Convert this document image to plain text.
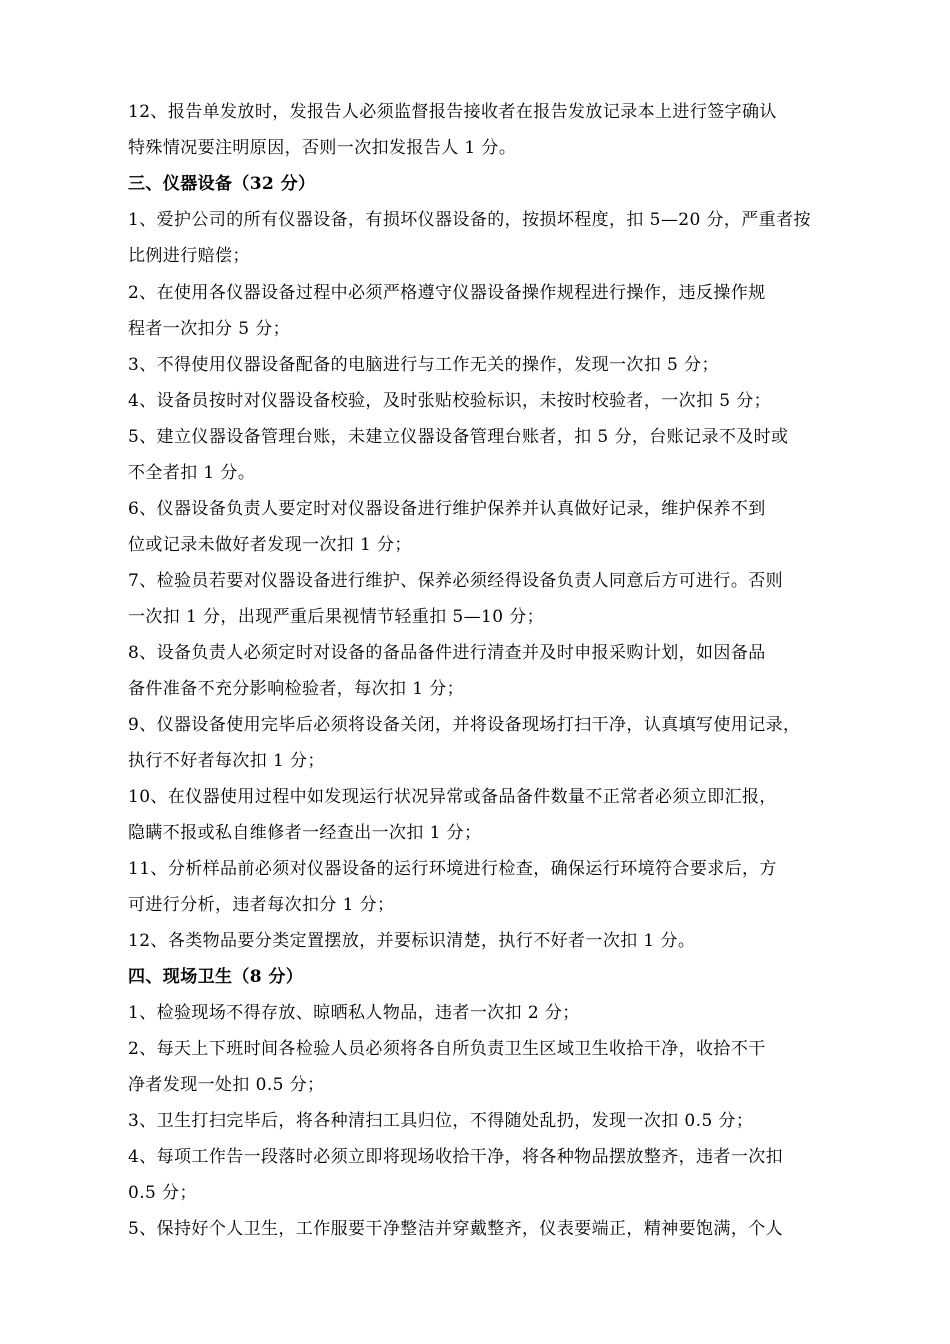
12、报告单发放时，发报告人必须监督报告接收者在报告发放记录本上进行签字确认
特殊情况要注明原因，否则一次扣发报告人 1 分。
三、仪器设备（32 分）
1、爱护公司的所有仪器设备，有损坏仪器设备的，按损坏程度，扣 5—20 分，严重者按
比例进行赔偿；
2、在使用各仪器设备过程中必须严格遵守仪器设备操作规程进行操作，违反操作规
程者一次扣分 5 分；
3、不得使用仪器设备配备的电脑进行与工作无关的操作，发现一次扣 5 分；
4、设备员按时对仪器设备校验，及时张贴校验标识，未按时校验者，一次扣 5 分；
5、建立仪器设备管理台账，未建立仪器设备管理台账者，扣 5 分，台账记录不及时或
不全者扣 1 分。
6、仪器设备负责人要定时对仪器设备进行维护保养并认真做好记录，维护保养不到
位或记录未做好者发现一次扣 1 分；
7、检验员若要对仪器设备进行维护、保养必须经得设备负责人同意后方可进行。否则
一次扣 1 分，出现严重后果视情节轻重扣 5—10 分；
8、设备负责人必须定时对设备的备品备件进行清查并及时申报采购计划，如因备品
备件准备不充分影响检验者，每次扣 1 分；
9、仪器设备使用完毕后必须将设备关闭，并将设备现场打扫干净，认真填写使用记录，
执行不好者每次扣 1 分；
10、在仪器使用过程中如发现运行状况异常或备品备件数量不正常者必须立即汇报，
隐瞒不报或私自维修者一经查出一次扣 1 分；
11、分析样品前必须对仪器设备的运行环境进行检查，确保运行环境符合要求后，方
可进行分析，违者每次扣分 1 分；
12、各类物品要分类定置摆放，并要标识清楚，执行不好者一次扣 1 分。
四、现场卫生（8 分）
1、检验现场不得存放、晾晒私人物品，违者一次扣 2 分；
2、每天上下班时间各检验人员必须将各自所负责卫生区域卫生收拾干净，收拾不干
净者发现一处扣 0.5 分；
3、卫生打扫完毕后，将各种清扫工具归位，不得随处乱扔，发现一次扣 0.5 分；
4、每项工作告一段落时必须立即将现场收拾干净，将各种物品摆放整齐，违者一次扣
0.5 分；
5、保持好个人卫生，工作服要干净整洁并穿戴整齐，仪表要端正，精神要饱满，个人
